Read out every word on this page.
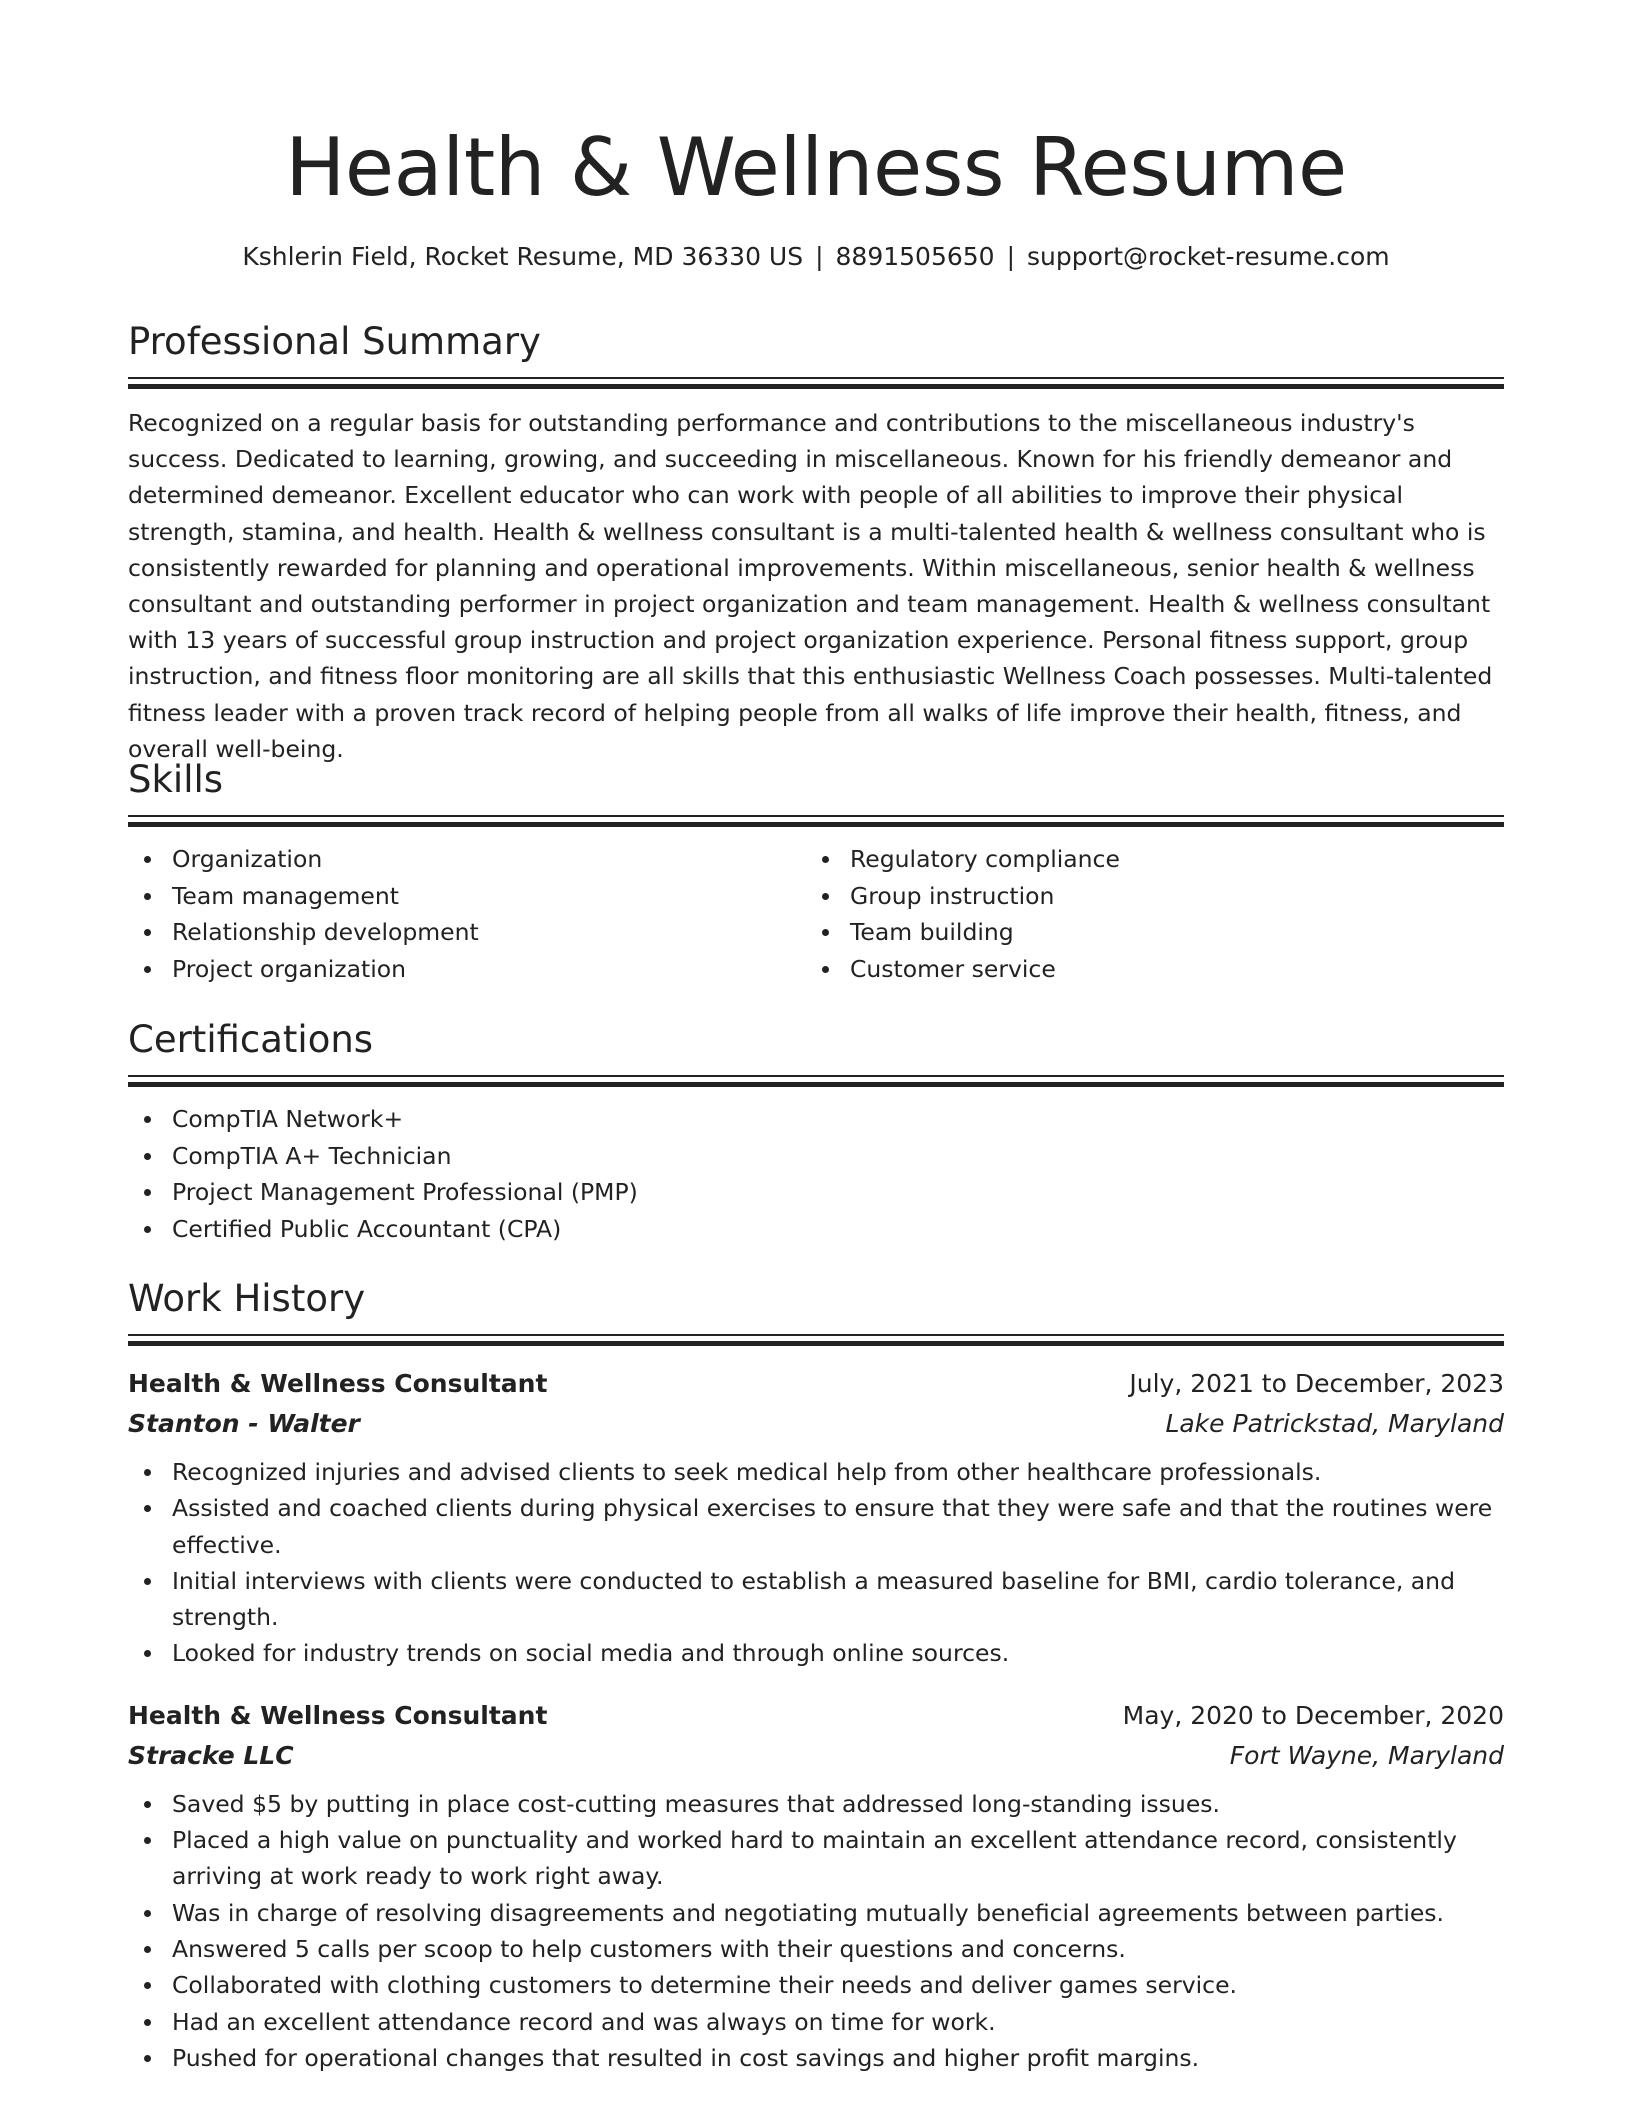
Health & Wellness Resume
Kshlerin Field, Rocket Resume, MD 36330 US | 8891505650 | support@rocket-resume.com
Professional Summary

Recognized on a regular basis for outstanding performance and contributions to the miscellaneous industry's success. Dedicated to learning, growing, and succeeding in miscellaneous. Known for his friendly demeanor and determined demeanor. Excellent educator who can work with people of all abilities to improve their physical strength, stamina, and health. Health & wellness consultant is a multi-talented health & wellness consultant who is consistently rewarded for planning and operational improvements. Within miscellaneous, senior health & wellness consultant and outstanding performer in project organization and team management. Health & wellness consultant with 13 years of successful group instruction and project organization experience. Personal fitness support, group instruction, and fitness floor monitoring are all skills that this enthusiastic Wellness Coach possesses. Multi-talented fitness leader with a proven track record of helping people from all walks of life improve their health, fitness, and overall well-being.

Skills
Organization
Team management
Relationship development
Project organization
Regulatory compliance
Group instruction
Team building
Customer service
Certifications
CompTIA Network+
CompTIA A+ Technician
Project Management Professional (PMP)
Certified Public Accountant (CPA)
Work History
Health & Wellness Consultant	July, 2021 to December, 2023
Stanton - Walter	Lake Patrickstad, Maryland
Recognized injuries and advised clients to seek medical help from other healthcare professionals.
Assisted and coached clients during physical exercises to ensure that they were safe and that the routines were effective.
Initial interviews with clients were conducted to establish a measured baseline for BMI, cardio tolerance, and strength.
Looked for industry trends on social media and through online sources.
Health & Wellness Consultant	May, 2020 to December, 2020
Stracke LLC	Fort Wayne, Maryland
Saved $5 by putting in place cost-cutting measures that addressed long-standing issues.
Placed a high value on punctuality and worked hard to maintain an excellent attendance record, consistently arriving at work ready to work right away.
Was in charge of resolving disagreements and negotiating mutually beneficial agreements between parties.
Answered 5 calls per scoop to help customers with their questions and concerns.
Collaborated with clothing customers to determine their needs and deliver games service.
Had an excellent attendance record and was always on time for work.
Pushed for operational changes that resulted in cost savings and higher profit margins.
